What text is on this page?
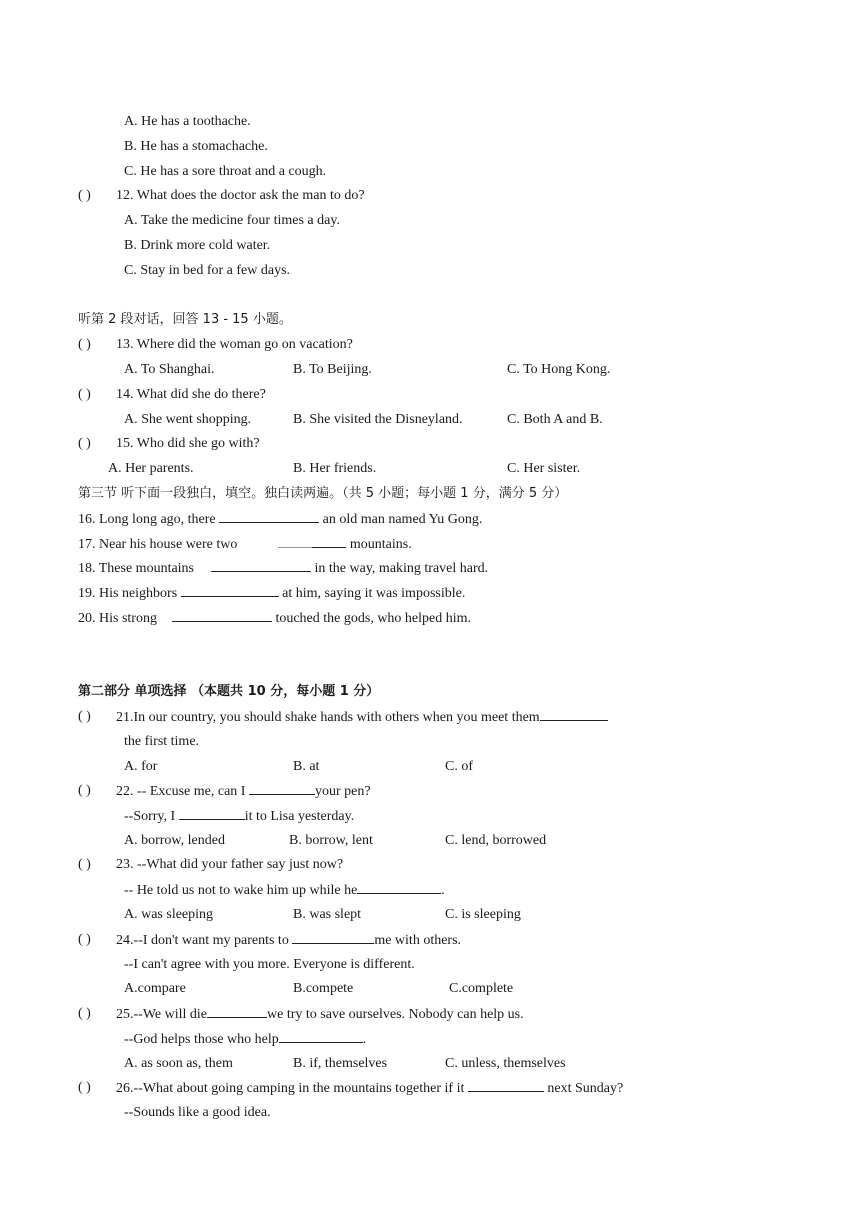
A. He has a toothache.
B. He has a stomachache.
C. He has a sore throat and a cough.
( ) 12. What does the doctor ask the man to do?
A. Take the medicine four times a day.
B. Drink more cold water.
C. Stay in bed for a few days.
听第 2 段对话，回答 13 - 15 小题。
( ) 13. Where did the woman go on vacation?
A. To Shanghai.	B. To Beijing.	C. To Hong Kong.
( ) 14. What did she do there?
A. She went shopping.	B. She visited the Disneyland.	C. Both A and B.
( ) 15. Who did she go with?
A. Her parents.	B. Her friends.	C. Her sister.
第三节 听下面一段独白，填空。独白读两遍。（共 5 小题；每小题 1 分，满分 5 分）
16. Long long ago, there	an old man named Yu Gong.
17. Near his house were two	mountains.
18. These mountains	in the way, making travel hard.
19. His neighbors	at him, saying it was impossible.
20. His strong	touched the gods, who helped him.
第二部分 单项选择 （本题共 10 分，每小题 1 分）
( ) 21.In our country, you should shake hands with others when you meet them
the first time.
A. for	B. at	C. of
( ) 22. -- Excuse me, can I	your pen?
--Sorry, I	it to Lisa yesterday.
A. borrow, lended	B. borrow, lent	C. lend, borrowed
( ) 23. --What did your father say just now?
-- He told us not to wake him up while he	.
A. was sleeping	B. was slept	C. is sleeping
( ) 24.--I don't want my parents to	me with others.
--I can't agree with you more. Everyone is different.
A.compare	B.compete	C.complete
( ) 25.--We will die	we try to save ourselves. Nobody can help us.
--God helps those who help	.
A. as soon as, them	B. if, themselves	C. unless, themselves
( ) 26.--What about going camping in the mountains together if it	next Sunday?
--Sounds like a good idea.
